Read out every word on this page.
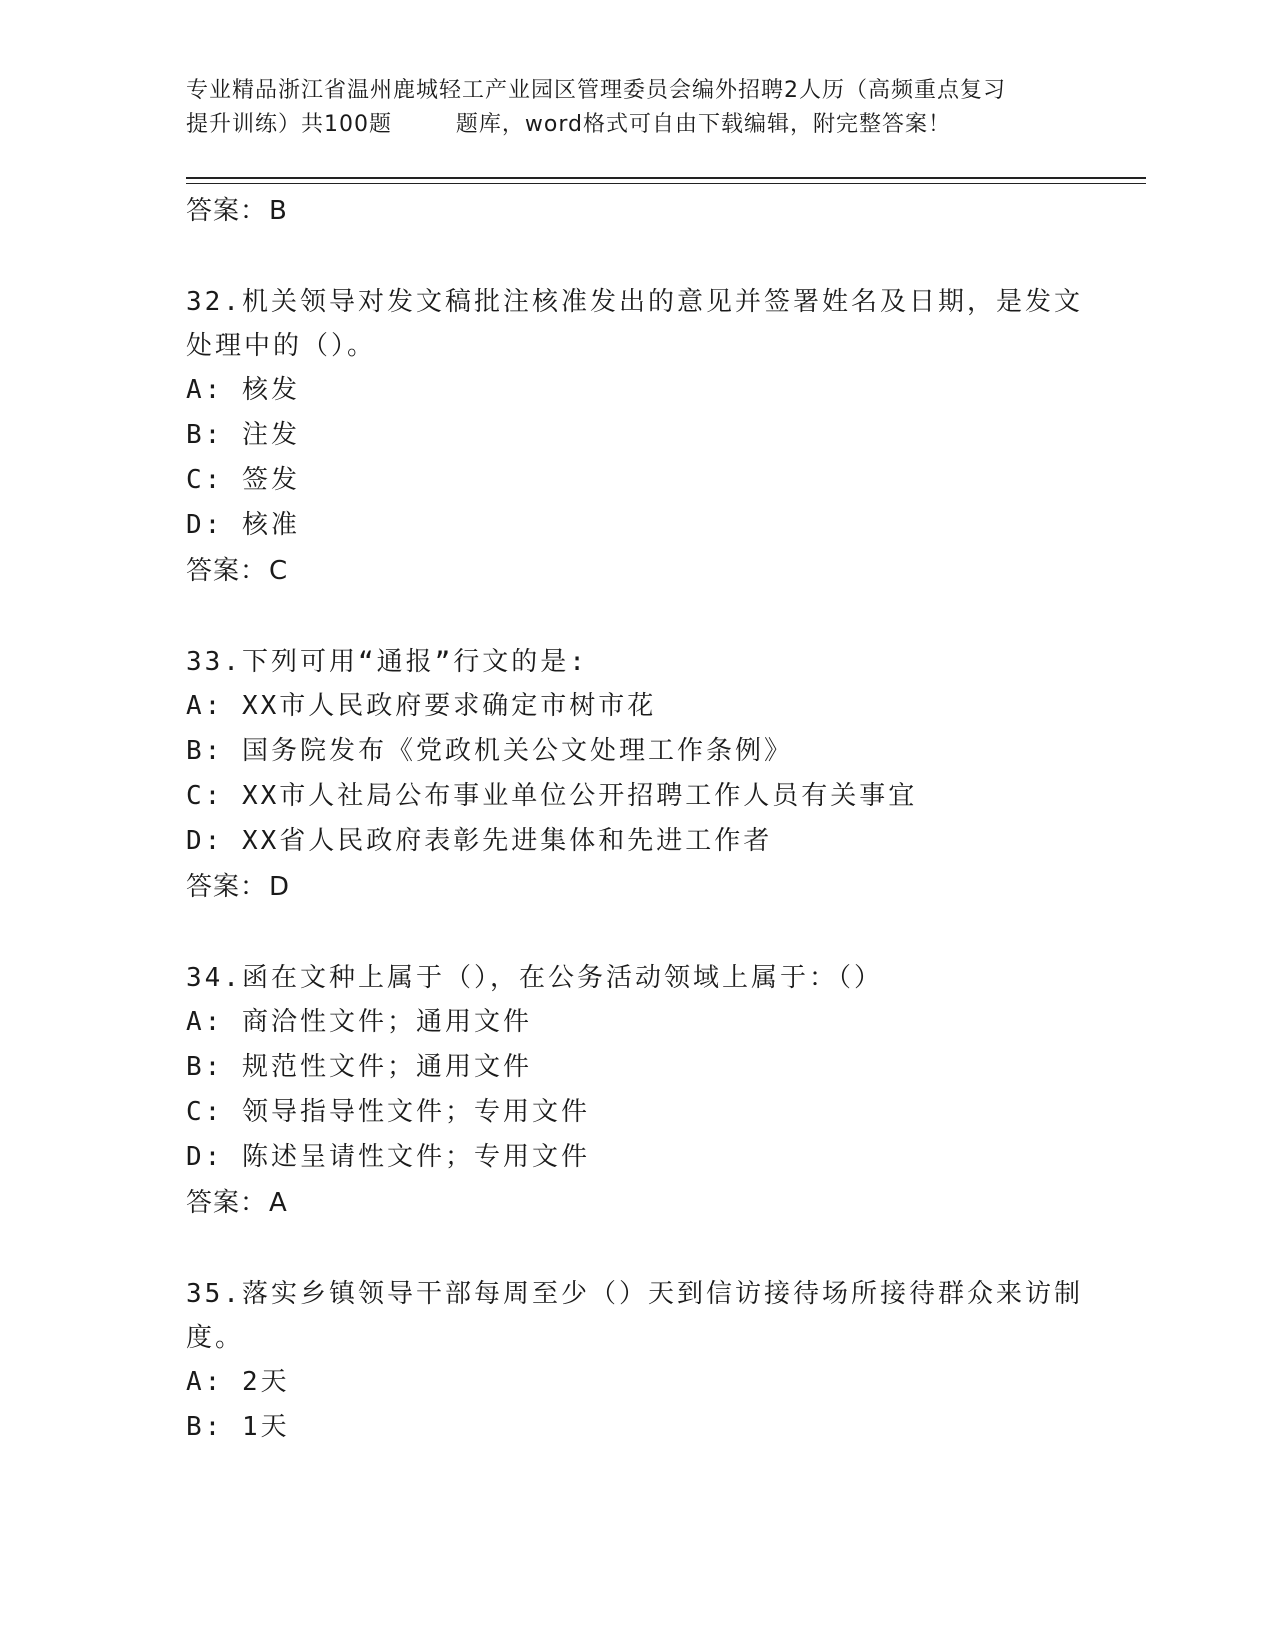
专业精品浙江省温州鹿城轻工产业园区管理委员会编外招聘2人历（高频重点复习
提升训练）共100题        题库，word格式可自由下载编辑，附完整答案！
答案：B

32.机关领导对发文稿批注核准发出的意见并签署姓名及日期，是发文处理中的（）。

A: 核发
B: 注发
C: 签发
D: 核准
答案：C

33.下列可用“通报”行文的是:

A: XX市人民政府要求确定市树市花
B: 国务院发布《党政机关公文处理工作条例》
C: XX市人社局公布事业单位公开招聘工作人员有关事宜
D: XX省人民政府表彰先进集体和先进工作者
答案：D

34.函在文种上属于（），在公务活动领域上属于：（）

A: 商洽性文件；通用文件
B: 规范性文件；通用文件
C: 领导指导性文件；专用文件
D: 陈述呈请性文件；专用文件
答案：A

35.落实乡镇领导干部每周至少（）天到信访接待场所接待群众来访制度。

A: 2天
B: 1天
